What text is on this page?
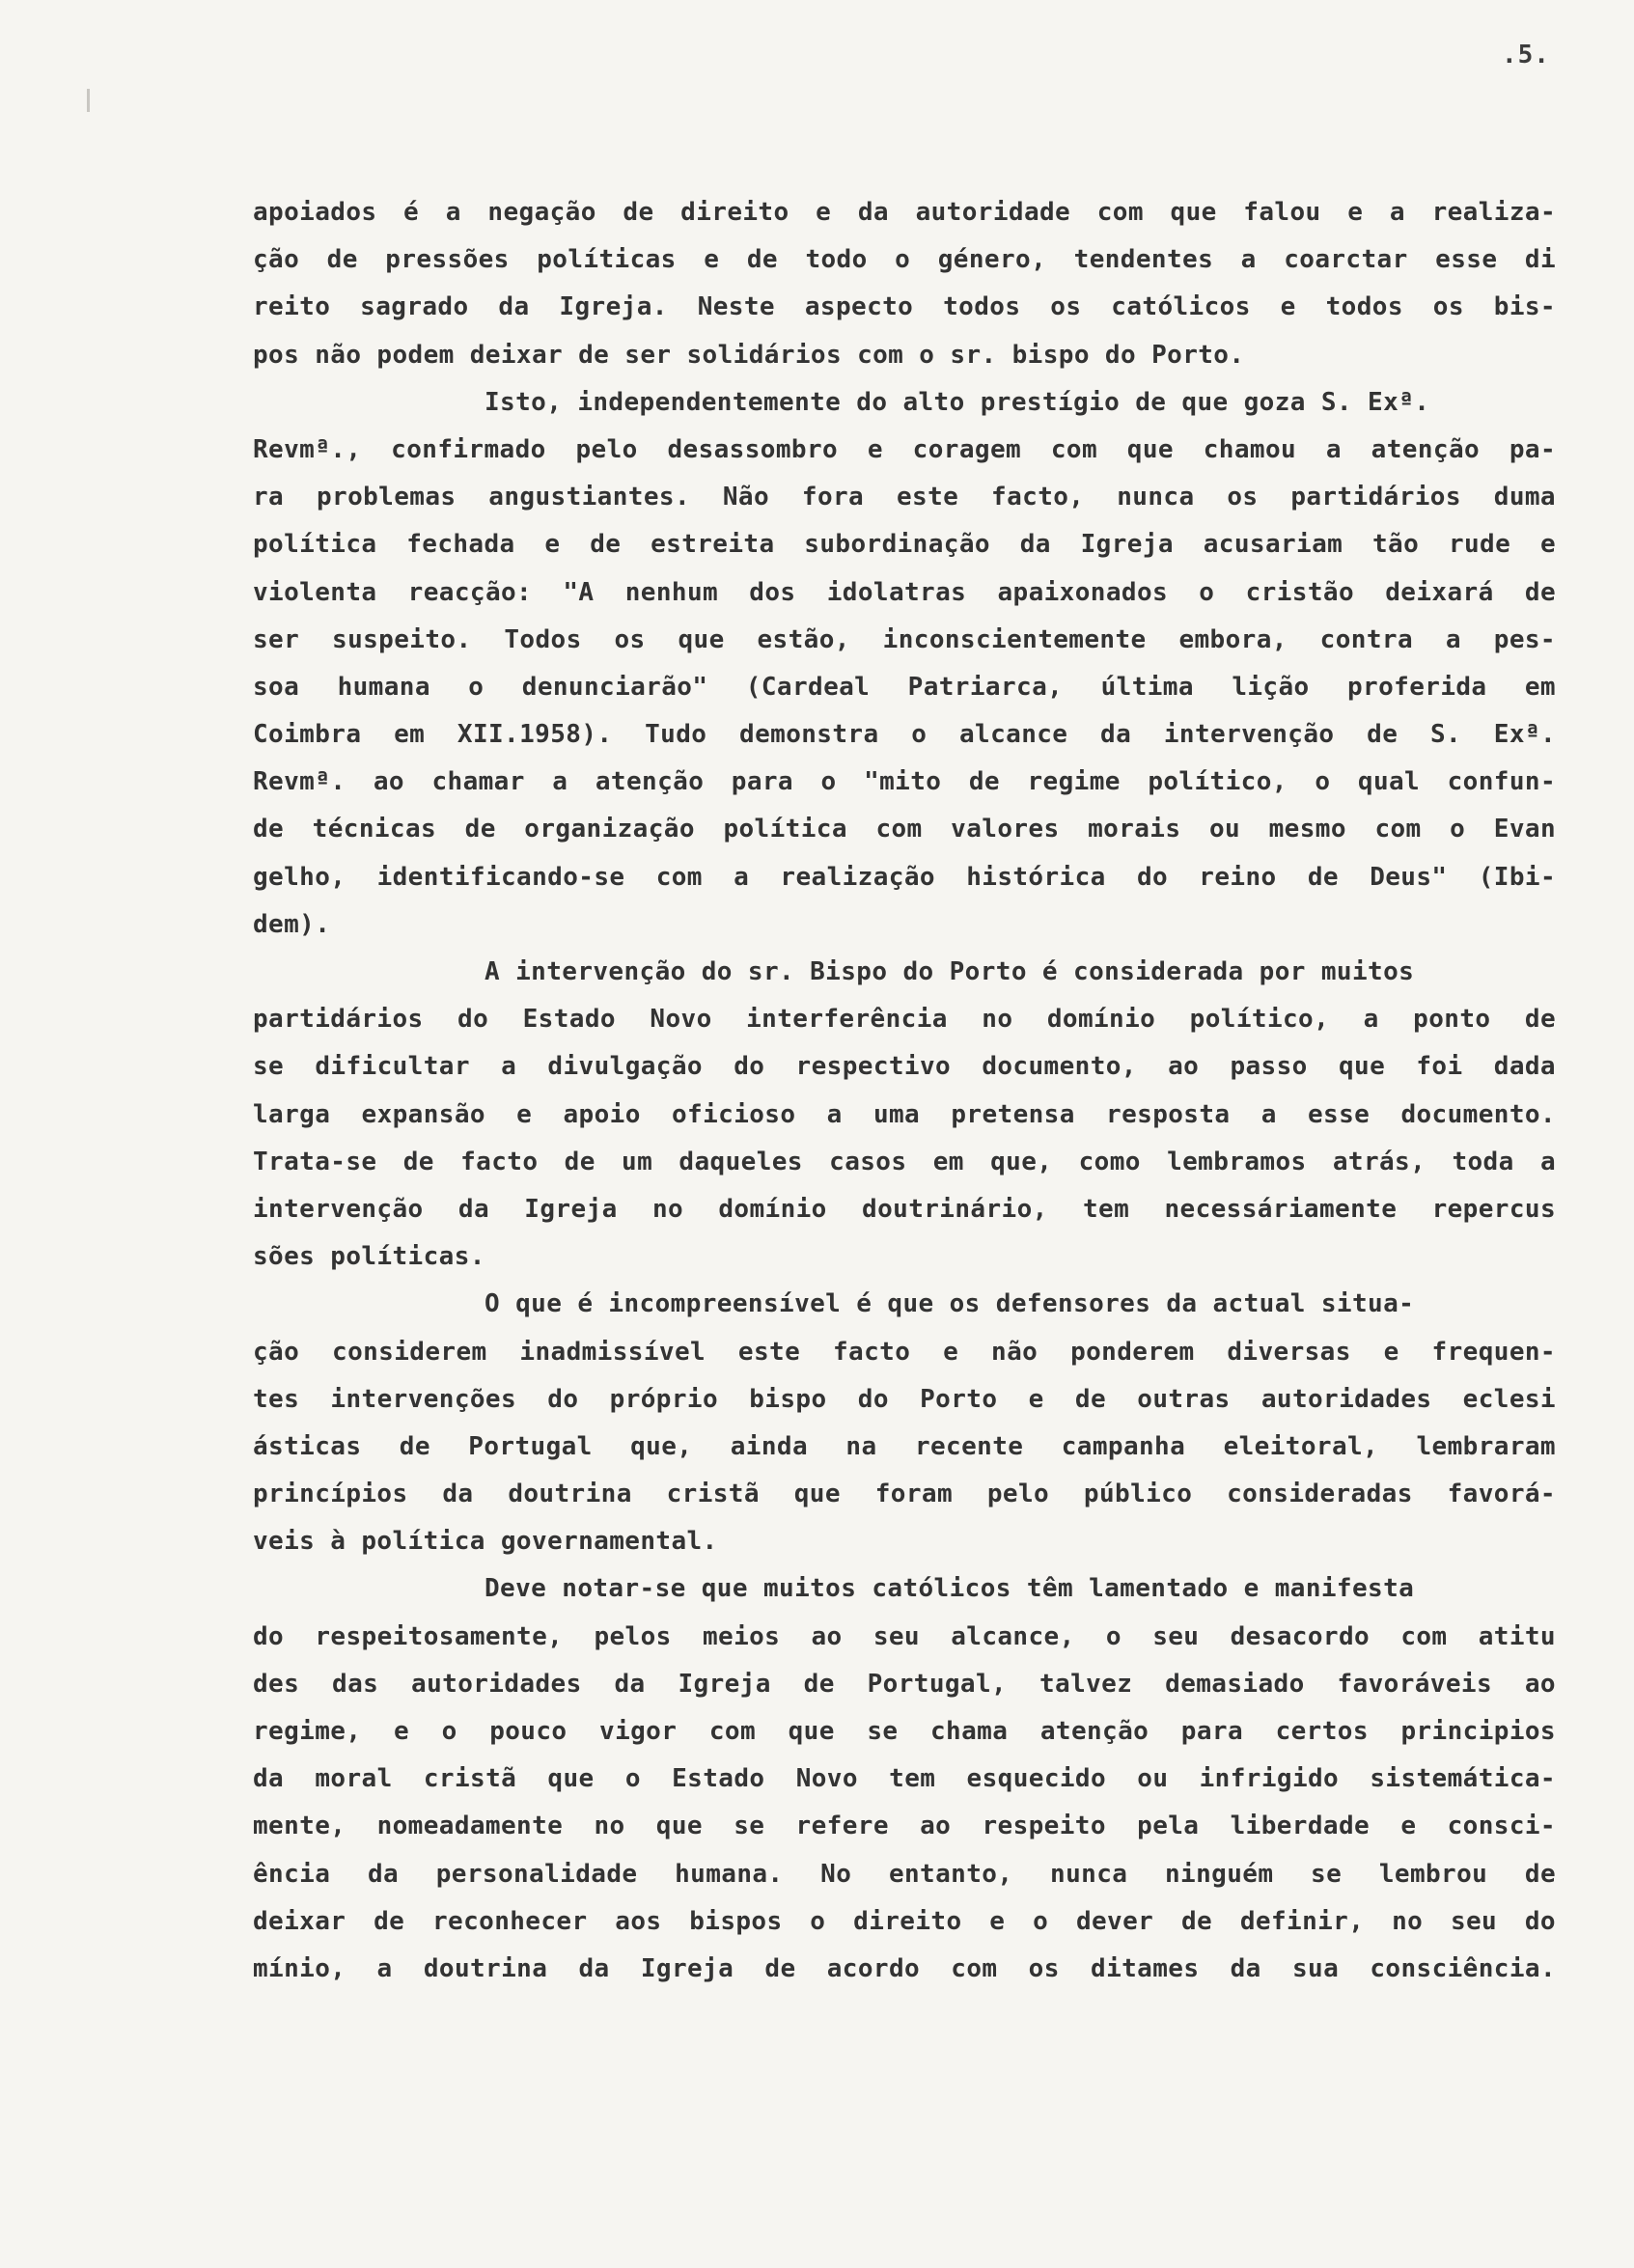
.5.
apoiados é a negação de direito e da autoridade com que falou e a realiza-
ção de pressões políticas e de todo o género, tendentes a coarctar esse di
reito sagrado da Igreja. Neste aspecto todos os católicos e todos os bis-
pos não podem deixar de ser solidários com o sr. bispo do Porto.
Isto, independentemente do alto prestígio de que goza S. Exª.
Revmª., confirmado pelo desassombro e coragem com que chamou a atenção pa-
ra problemas angustiantes. Não fora este facto, nunca os partidários duma
política fechada e de estreita subordinação da Igreja acusariam tão rude e
violenta reacção: "A nenhum dos idolatras apaixonados o cristão deixará de
ser suspeito. Todos os que estão, inconscientemente embora, contra a pes-
soa humana o denunciarão" (Cardeal Patriarca, última lição proferida em
Coimbra em XII.1958). Tudo demonstra o alcance da intervenção de S. Exª.
Revmª. ao chamar a atenção para o "mito de regime político, o qual confun-
de técnicas de organização política com valores morais ou mesmo com o Evan
gelho, identificando-se com a realização histórica do reino de Deus" (Ibi-
dem).
A intervenção do sr. Bispo do Porto é considerada por muitos
partidários do Estado Novo interferência no domínio político, a ponto de
se dificultar a divulgação do respectivo documento, ao passo que foi dada
larga expansão e apoio oficioso a uma pretensa resposta a esse documento.
Trata-se de facto de um daqueles casos em que, como lembramos atrás, toda a
intervenção da Igreja no domínio doutrinário, tem necessáriamente repercus
sões políticas.
O que é incompreensível é que os defensores da actual situa-
ção considerem inadmissível este facto e não ponderem diversas e frequen-
tes intervenções do próprio bispo do Porto e de outras autoridades eclesi
ásticas de Portugal que, ainda na recente campanha eleitoral, lembraram
princípios da doutrina cristã que foram pelo público consideradas favorá-
veis à política governamental.
Deve notar-se que muitos católicos têm lamentado e manifesta
do respeitosamente, pelos meios ao seu alcance, o seu desacordo com atitu
des das autoridades da Igreja de Portugal, talvez demasiado favoráveis ao
regime, e o pouco vigor com que se chama atenção para certos principios
da moral cristã que o Estado Novo tem esquecido ou infrigido sistemática-
mente, nomeadamente no que se refere ao respeito pela liberdade e consci-
ência da personalidade humana. No entanto, nunca ninguém se lembrou de
deixar de reconhecer aos bispos o direito e o dever de definir, no seu do
mínio, a doutrina da Igreja de acordo com os ditames da sua consciência.
